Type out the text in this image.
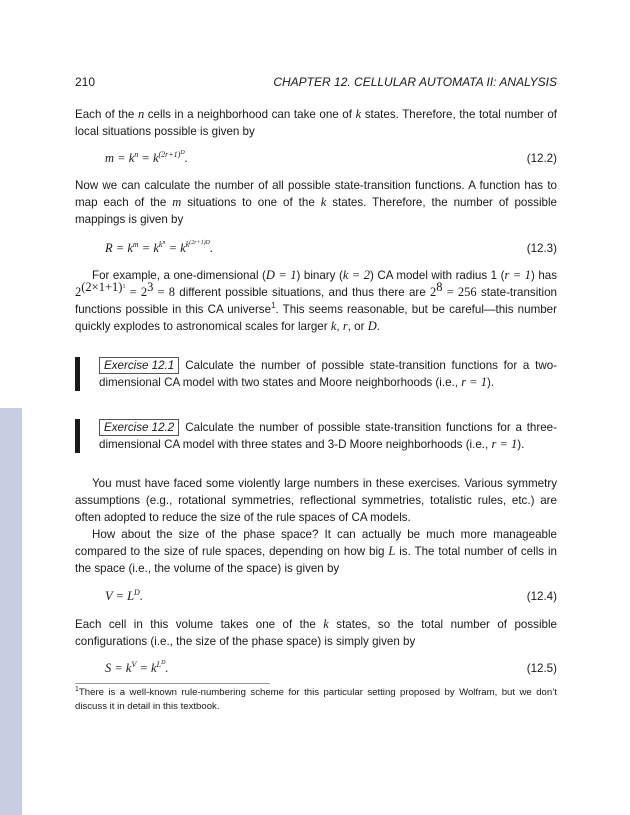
210	CHAPTER 12. CELLULAR AUTOMATA II: ANALYSIS

Each of the n cells in a neighborhood can take one of k states. Therefore, the total number of local situations possible is given by

$m = k^n = k^{(2r+1)^D}$.	(12.2)

Now we can calculate the number of all possible state-transition functions. A function has to map each of the m situations to one of the k states. Therefore, the number of possible mappings is given by

$R = k^m = k^{k^n} = k^{k^{(2r+1)D}}$.	(12.3)

For example, a one-dimensional (D = 1) binary (k = 2) CA model with radius 1 (r = 1) has $2^{(2\times 1+1)^1} = 2^3 = 8$ different possible situations, and thus there are $2^8 = 256$ state-transition functions possible in this CA universe$^1$. This seems reasonable, but be careful—this number quickly explodes to astronomical scales for larger k, r, or D.

Exercise 12.1 Calculate the number of possible state-transition functions for a two-dimensional CA model with two states and Moore neighborhoods (i.e., r = 1).

Exercise 12.2 Calculate the number of possible state-transition functions for a three-dimensional CA model with three states and 3-D Moore neighborhoods (i.e., r = 1).

You must have faced some violently large numbers in these exercises. Various symmetry assumptions (e.g., rotational symmetries, reflectional symmetries, totalistic rules, etc.) are often adopted to reduce the size of the rule spaces of CA models.

How about the size of the phase space? It can actually be much more manageable compared to the size of rule spaces, depending on how big L is. The total number of cells in the space (i.e., the volume of the space) is given by

$V = L^D$.	(12.4)

Each cell in this volume takes one of the k states, so the total number of possible configurations (i.e., the size of the phase space) is simply given by

$S = k^V = k^{L^D}$.	(12.5)
$^1$There is a well-known rule-numbering scheme for this particular setting proposed by Wolfram, but we don’t discuss it in detail in this textbook.
